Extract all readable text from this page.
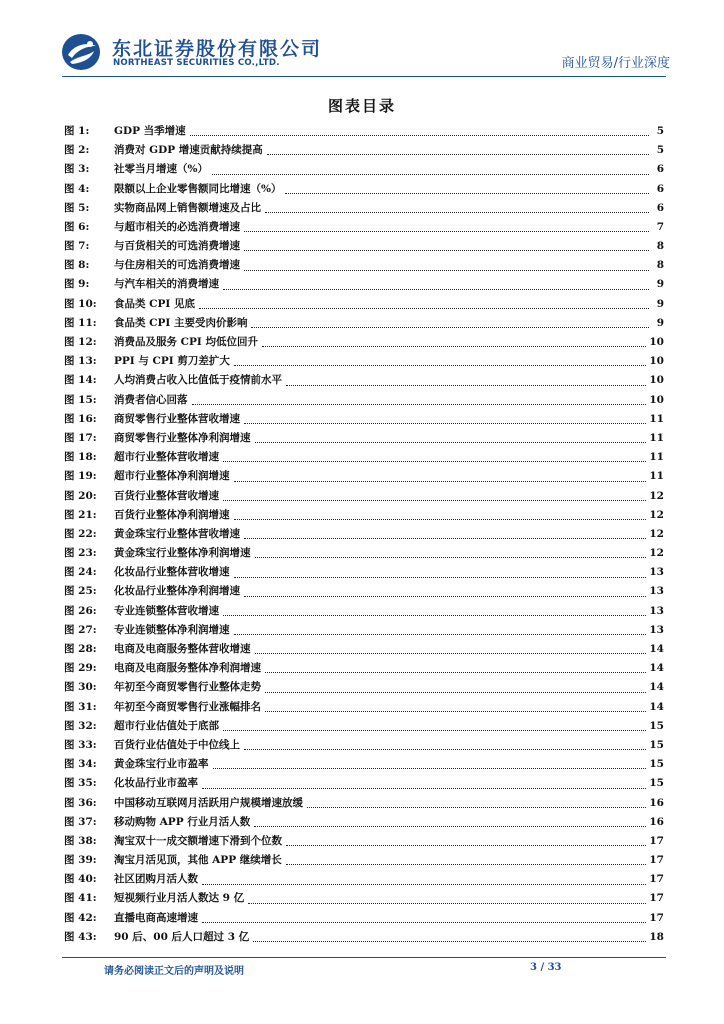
东北证券股份有限公司
NORTHEAST SECURITIES CO.,LTD.	商业贸易/行业深度
图表目录
图 1:	GDP 当季增速	5
图 2:	消费对 GDP 增速贡献持续提高	5
图 3:	社零当月增速（%）	6
图 4:	限额以上企业零售额同比增速（%）	6
图 5:	实物商品网上销售额增速及占比	6
图 6:	与超市相关的必选消费增速	7
图 7:	与百货相关的可选消费增速	8
图 8:	与住房相关的可选消费增速	8
图 9:	与汽车相关的消费增速	9
图 10:	食品类 CPI 见底	9
图 11:	食品类 CPI 主要受肉价影响	9
图 12:	消费品及服务 CPI 均低位回升	10
图 13:	PPI 与 CPI 剪刀差扩大	10
图 14:	人均消费占收入比值低于疫情前水平	10
图 15:	消费者信心回落	10
图 16:	商贸零售行业整体营收增速	11
图 17:	商贸零售行业整体净利润增速	11
图 18:	超市行业整体营收增速	11
图 19:	超市行业整体净利润增速	11
图 20:	百货行业整体营收增速	12
图 21:	百货行业整体净利润增速	12
图 22:	黄金珠宝行业整体营收增速	12
图 23:	黄金珠宝行业整体净利润增速	12
图 24:	化妆品行业整体营收增速	13
图 25:	化妆品行业整体净利润增速	13
图 26:	专业连锁整体营收增速	13
图 27:	专业连锁整体净利润增速	13
图 28:	电商及电商服务整体营收增速	14
图 29:	电商及电商服务整体净利润增速	14
图 30:	年初至今商贸零售行业整体走势	14
图 31:	年初至今商贸零售行业涨幅排名	14
图 32:	超市行业估值处于底部	15
图 33:	百货行业估值处于中位线上	15
图 34:	黄金珠宝行业市盈率	15
图 35:	化妆品行业市盈率	15
图 36:	中国移动互联网月活跃用户规模增速放缓	16
图 37:	移动购物 APP 行业月活人数	16
图 38:	淘宝双十一成交额增速下滑到个位数	17
图 39:	淘宝月活见顶，其他 APP 继续增长	17
图 40:	社区团购月活人数	17
图 41:	短视频行业月活人数达 9 亿	17
图 42:	直播电商高速增速	17
图 43:	90 后、00 后人口超过 3 亿	18
请务必阅读正文后的声明及说明	3 / 33
